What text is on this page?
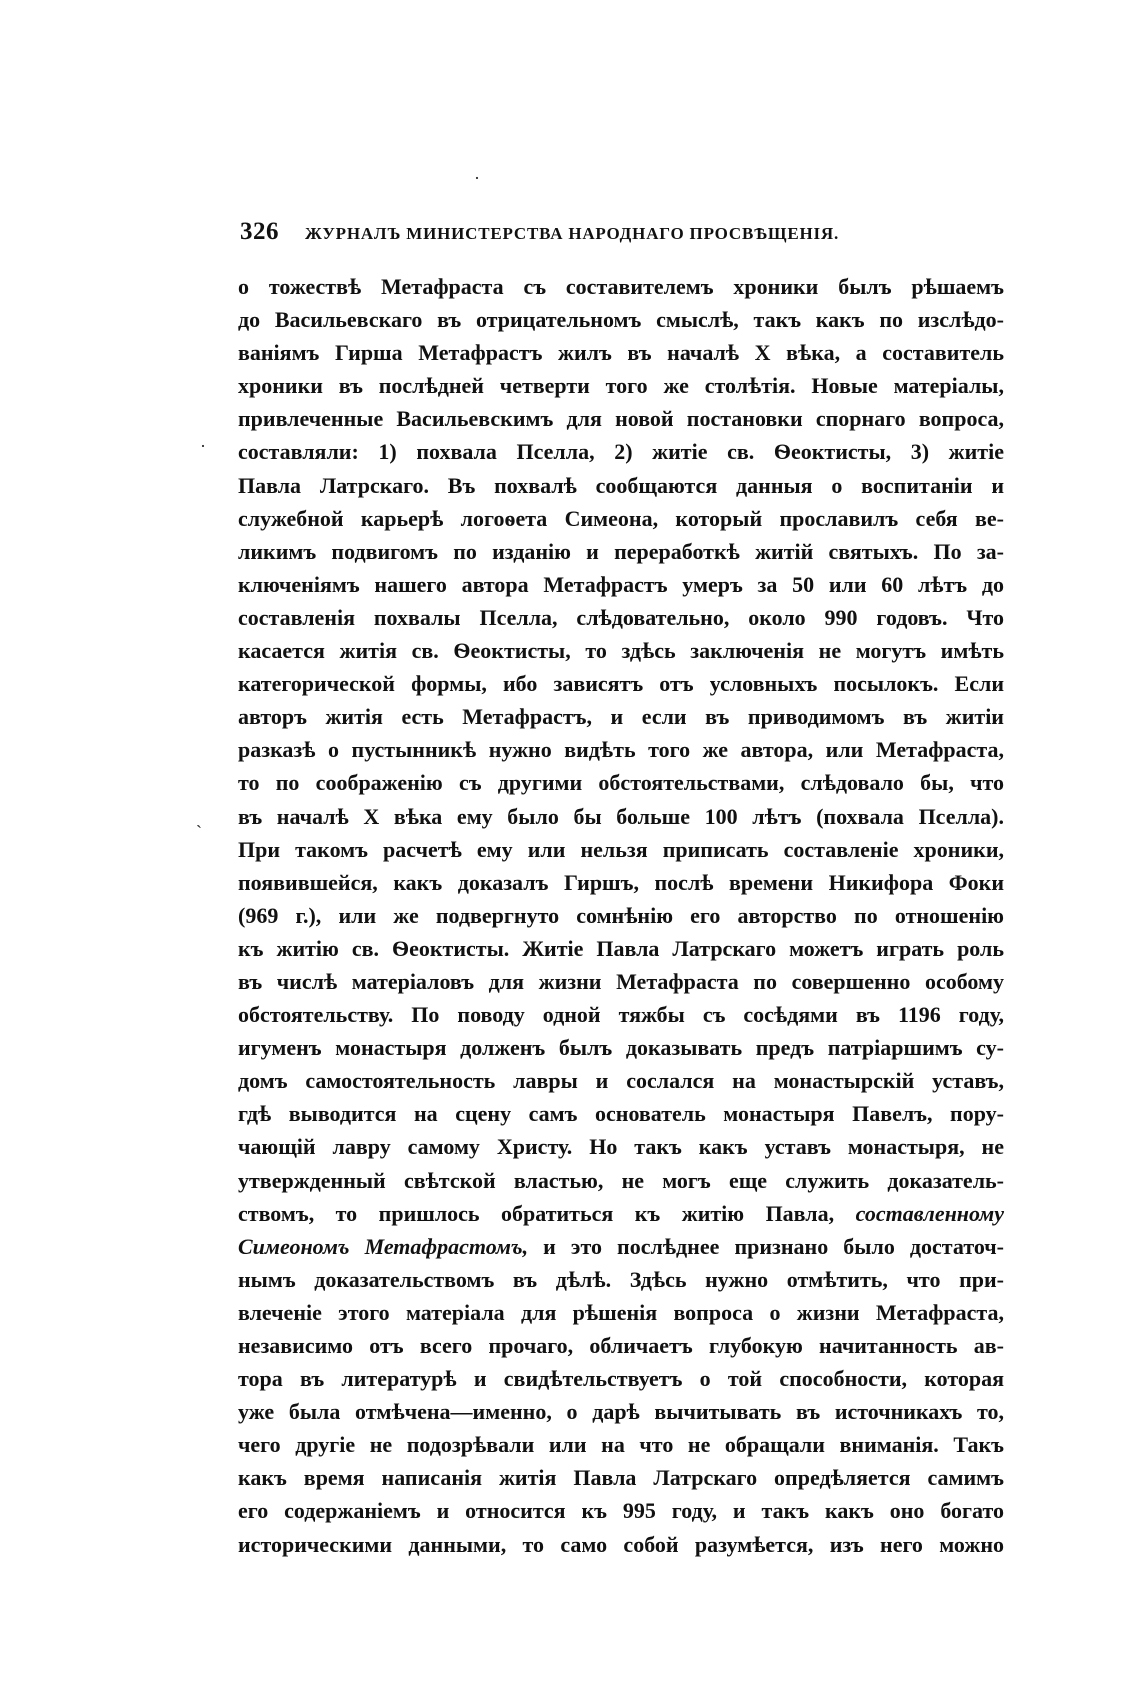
·
·
`
326 ЖУРНАЛЪ МИНИСТЕРСТВА НАРОДНАГО ПРОСВѢЩЕНІЯ.
о тожествѣ Метафраста съ составителемъ хроники былъ рѣшаемъ
до Васильевскаго въ отрицательномъ смыслѣ, такъ какъ по изслѣдо-
ваніямъ Гирша Метафрастъ жилъ въ началѣ X вѣка, а составитель
хроники въ послѣдней четверти того же столѣтія. Новые матеріалы,
привлеченные Васильевскимъ для новой постановки спорнаго вопроса,
составляли: 1) похвала Пселла, 2) житіе св. Ѳеоктисты, 3) житіе
Павла Латрскаго. Въ похвалѣ сообщаются данныя о воспитаніи и
служебной карьерѣ логоѳета Симеона, который прославилъ себя ве-
ликимъ подвигомъ по изданію и переработкѣ житій святыхъ. По за-
ключеніямъ нашего автора Метафрастъ умеръ за 50 или 60 лѣтъ до
составленія похвалы Пселла, слѣдовательно, около 990 годовъ. Что
касается житія св. Ѳеоктисты, то здѣсь заключенія не могутъ имѣть
категорической формы, ибо зависятъ отъ условныхъ посылокъ. Если
авторъ житія есть Метафрастъ, и если въ приводимомъ въ житіи
разказѣ о пустынникѣ нужно видѣть того же автора, или Метафраста,
то по соображенію съ другими обстоятельствами, слѣдовало бы, что
въ началѣ X вѣка ему было бы больше 100 лѣтъ (похвала Пселла).
При такомъ расчетѣ ему или нельзя приписать составленіе хроники,
появившейся, какъ доказалъ Гиршъ, послѣ времени Никифора Фоки
(969 г.), или же подвергнуто сомнѣнію его авторство по отношенію
къ житію св. Ѳеоктисты. Житіе Павла Латрскаго можетъ играть роль
въ числѣ матеріаловъ для жизни Метафраста по совершенно особому
обстоятельству. По поводу одной тяжбы съ сосѣдями въ 1196 году,
игуменъ монастыря долженъ былъ доказывать предъ патріаршимъ су-
домъ самостоятельность лавры и сослался на монастырскій уставъ,
гдѣ выводится на сцену самъ основатель монастыря Павелъ, пору-
чающій лавру самому Христу. Но такъ какъ уставъ монастыря, не
утвержденный свѣтской властью, не могъ еще служить доказатель-
ствомъ, то пришлось обратиться къ житію Павла, составленному
Симеономъ Метафрастомъ, и это послѣднее признано было достаточ-
нымъ доказательствомъ въ дѣлѣ. Здѣсь нужно отмѣтить, что при-
влеченіе этого матеріала для рѣшенія вопроса о жизни Метафраста,
независимо отъ всего прочаго, обличаетъ глубокую начитанность ав-
тора въ литературѣ и свидѣтельствуетъ о той способности, которая
уже была отмѣчена—именно, о дарѣ вычитывать въ источникахъ то,
чего другіе не подозрѣвали или на что не обращали вниманія. Такъ
какъ время написанія житія Павла Латрскаго опредѣляется самимъ
его содержаніемъ и относится къ 995 году, и такъ какъ оно богато
историческими данными, то само собой разумѣется, изъ него можно
